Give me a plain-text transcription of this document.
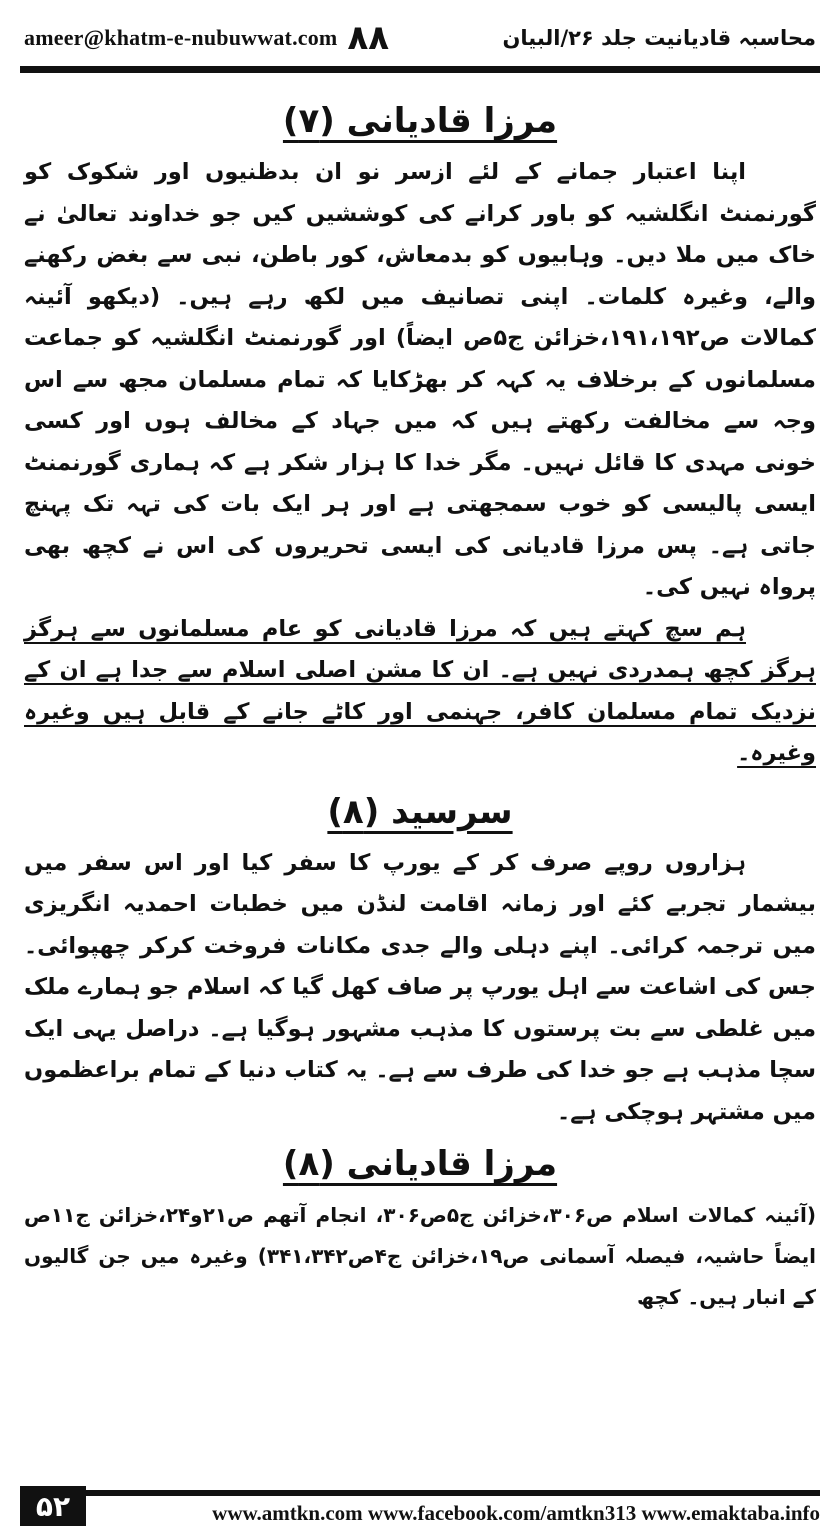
ameer@khatm-e-nubuwwat.com ۸۸	محاسبہ قادیانیت جلد ۲۶/البیان
مرزا قادیانی (۷)

اپنا اعتبار جمانے کے لئے ازسر نو ان بدظنیوں اور شکوک کو گورنمنٹ انگلشیہ کو باور کرانے کی کوششیں کیں جو خداوند تعالیٰ نے خاک میں ملا دیں۔ وہابیوں کو بدمعاش، کور باطن، نبی سے بغض رکھنے والے، وغیرہ کلمات۔ اپنی تصانیف میں لکھ رہے ہیں۔ (دیکھو آئینہ کمالات ص۱۹۱،۱۹۲،خزائن ج۵ص ایضاً) اور گورنمنٹ انگلشیہ کو جماعت مسلمانوں کے برخلاف یہ کہہ کر بھڑکایا کہ تمام مسلمان مجھ سے اس وجہ سے مخالفت رکھتے ہیں کہ میں جہاد کے مخالف ہوں اور کسی خونی مہدی کا قائل نہیں۔ مگر خدا کا ہزار شکر ہے کہ ہماری گورنمنٹ ایسی پالیسی کو خوب سمجھتی ہے اور ہر ایک بات کی تہہ تک پہنچ جاتی ہے۔ پس مرزا قادیانی کی ایسی تحریروں کی اس نے کچھ بھی پرواہ نہیں کی۔

ہم سچ کہتے ہیں کہ مرزا قادیانی کو عام مسلمانوں سے ہرگز ہرگز کچھ ہمدردی نہیں ہے۔ ان کا مشن اصلی اسلام سے جدا ہے ان کے نزدیک تمام مسلمان کافر، جہنمی اور کاٹے جانے کے قابل ہیں وغیرہ وغیرہ۔

سرسید (۸)

ہزاروں روپے صرف کر کے یورپ کا سفر کیا اور اس سفر میں بیشمار تجربے کئے اور زمانہ اقامت لنڈن میں خطبات احمدیہ انگریزی میں ترجمہ کرائی۔ اپنے دہلی والے جدی مکانات فروخت کرکر چھپوائی۔ جس کی اشاعت سے اہل یورپ پر صاف کھل گیا کہ اسلام جو ہمارے ملک میں غلطی سے بت پرستوں کا مذہب مشہور ہوگیا ہے۔ دراصل یہی ایک سچا مذہب ہے جو خدا کی طرف سے ہے۔ یہ کتاب دنیا کے تمام براعظموں میں مشتہر ہوچکی ہے۔

مرزا قادیانی (۸)

(آئینہ کمالات اسلام ص۳۰۶،خزائن ج۵ص۳۰۶، انجام آتھم ص۲۱و۲۴،خزائن ج۱۱ص ایضاً حاشیہ، فیصلہ آسمانی ص۱۹،خزائن ج۴ص۳۴۱،۳۴۲) وغیرہ میں جن گالیوں کے انبار ہیں۔ کچھ

۵۲	www.amtkn.com www.facebook.com/amtkn313 www.emaktaba.info
